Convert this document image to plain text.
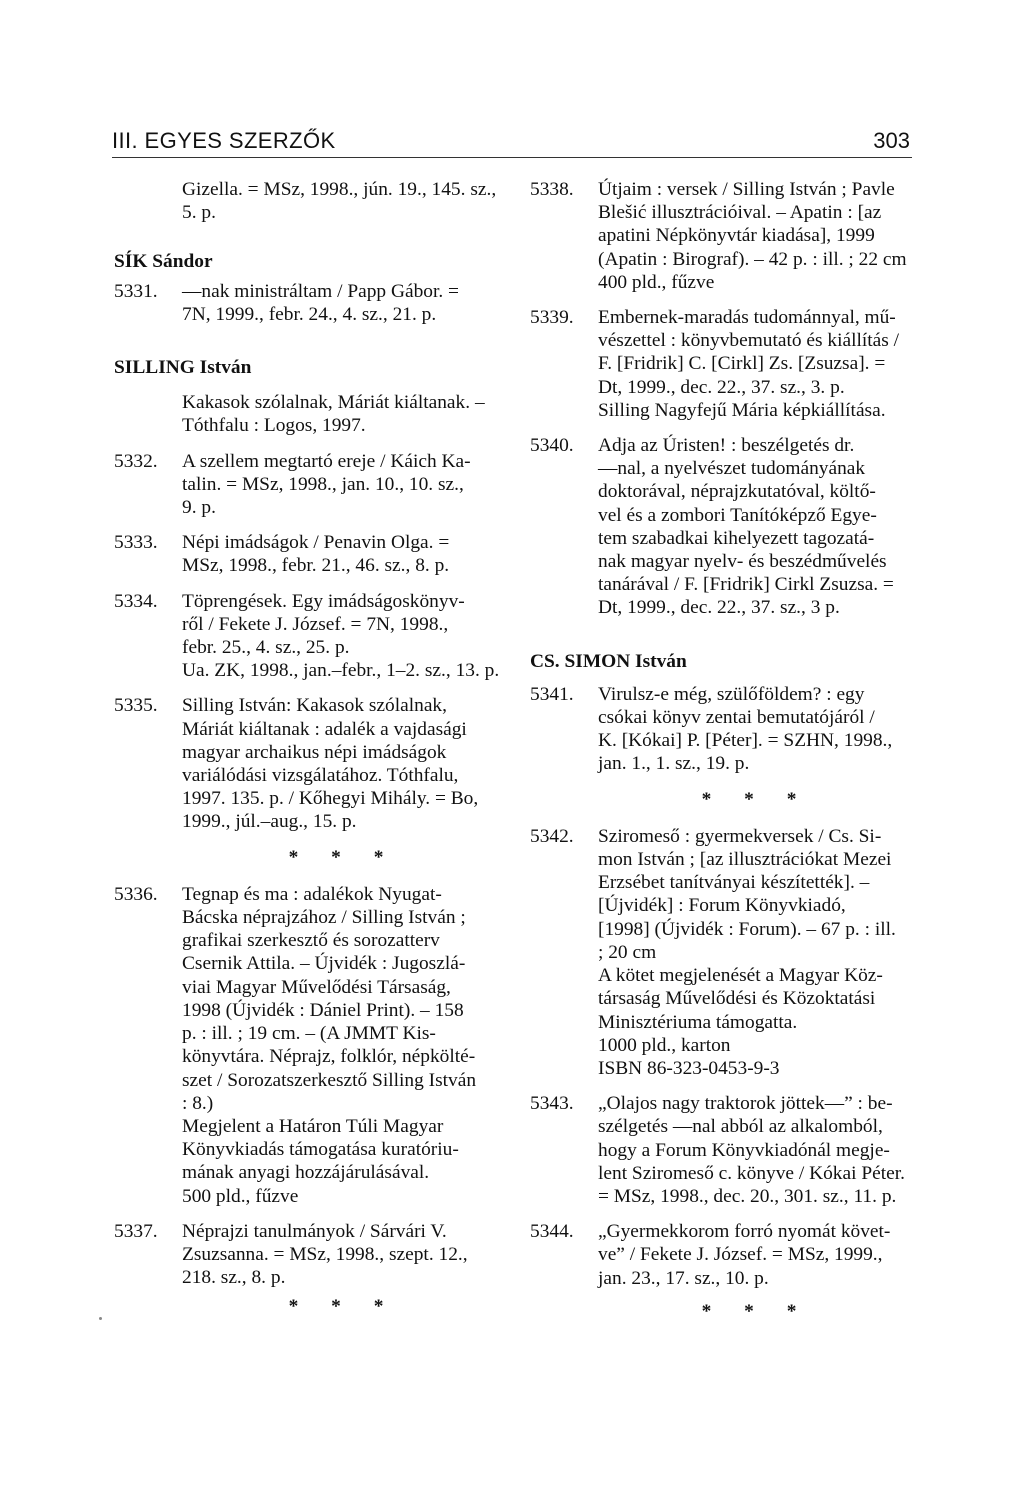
III. EGYES SZERZŐK	303
Gizella. = MSz, 1998., jún. 19., 145. sz., 5. p.
SÍK Sándor
5331.	—nak ministráltam / Papp Gábor. =
7N, 1999., febr. 24., 4. sz., 21. p.
SILLING István
Kakasok szólalnak, Máriát kiáltanak. – Tóthfalu : Logos, 1997.
5332.	A szellem megtartó ereje / Káich Ka-
talin. = MSz, 1998., jan. 10., 10. sz.,
9. p.
5333.	Népi imádságok / Penavin Olga. =
MSz, 1998., febr. 21., 46. sz., 8. p.
5334.	Töprengések. Egy imádságoskönyv-
ről / Fekete J. József. = 7N, 1998.,
febr. 25., 4. sz., 25. p.
Ua. ZK, 1998., jan.–febr., 1–2. sz., 13. p.
5335.	Silling István: Kakasok szólalnak,
Máriát kiáltanak : adalék a vajdasági
magyar archaikus népi imádságok
variálódási vizsgálatához. Tóthfalu,
1997. 135. p. / Kőhegyi Mihály. = Bo,
1999., júl.–aug., 15. p.
* * *
5336.	Tegnap és ma : adalékok Nyugat-
Bácska néprajzához / Silling István ;
grafikai szerkesztő és sorozatterv
Csernik Attila. – Újvidék : Jugoszlá-
viai Magyar Művelődési Társaság,
1998 (Újvidék : Dániel Print). – 158
p. : ill. ; 19 cm. – (A JMMT Kis-
könyvtára. Néprajz, folklór, népkölté-
szet / Sorozatszerkesztő Silling István
: 8.)
Megjelent a Határon Túli Magyar
Könyvkiadás támogatása kuratóriu-
mának anyagi hozzájárulásával.
500 pld., fűzve
5337.	Néprajzi tanulmányok / Sárvári V.
Zsuzsanna. = MSz, 1998., szept. 12.,
218. sz., 8. p.
* * *
5338.	Útjaim : versek / Silling István ; Pavle
Blešić illusztrációival. – Apatin : [az
apatini Népkönyvtár kiadása], 1999
(Apatin : Birograf). – 42 p. : ill. ; 22 cm
400 pld., fűzve
5339.	Embernek-maradás tudománnyal, mű-
vészettel : könyvbemutató és kiállítás /
F. [Fridrik] C. [Cirkl] Zs. [Zsuzsa]. =
Dt, 1999., dec. 22., 37. sz., 3. p.
Silling Nagyfejű Mária képkiállítása.
5340.	Adja az Úristen! : beszélgetés dr.
—nal, a nyelvészet tudományának
doktorával, néprajzkutatóval, költő-
vel és a zombori Tanítóképző Egye-
tem szabadkai kihelyezett tagozatá-
nak magyar nyelv- és beszédművelés
tanárával / F. [Fridrik] Cirkl Zsuzsa. =
Dt, 1999., dec. 22., 37. sz., 3 p.
CS. SIMON István
5341.	Virulsz-e még, szülőföldem? : egy
csókai könyv zentai bemutatójáról /
K. [Kókai] P. [Péter]. = SZHN, 1998.,
jan. 1., 1. sz., 19. p.
* * *
5342.	Sziromeső : gyermekversek / Cs. Si-
mon István ; [az illusztrációkat Mezei
Erzsébet tanítványai készítették]. –
[Újvidék] : Forum Könyvkiadó,
[1998] (Újvidék : Forum). – 67 p. : ill.
; 20 cm
A kötet megjelenését a Magyar Köz-
társaság Művelődési és Közoktatási
Minisztériuma támogatta.
1000 pld., karton
ISBN 86-323-0453-9-3
5343.	„Olajos nagy traktorok jöttek—” : be-
szélgetés —nal abból az alkalomból,
hogy a Forum Könyvkiadónál megje-
lent Sziromeső c. könyve / Kókai Péter.
= MSz, 1998., dec. 20., 301. sz., 11. p.
5344.	„Gyermekkorom forró nyomát követ-
ve” / Fekete J. József. = MSz, 1999.,
jan. 23., 17. sz., 10. p.
* * *
